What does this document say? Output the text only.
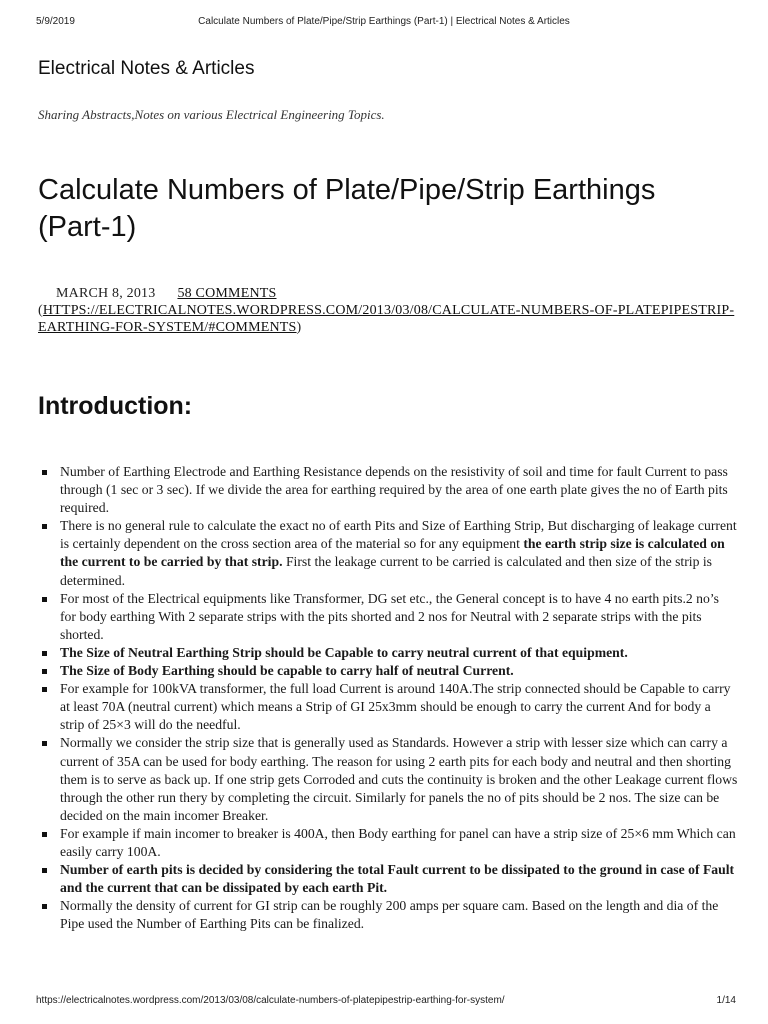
5/9/2019	Calculate Numbers of Plate/Pipe/Strip Earthings (Part-1) | Electrical Notes & Articles
Electrical Notes & Articles
Sharing Abstracts,Notes on various Electrical Engineering Topics.
Calculate Numbers of Plate/Pipe/Strip Earthings (Part-1)
MARCH 8, 2013 58 COMMENTS
(HTTPS://ELECTRICALNOTES.WORDPRESS.COM/2013/03/08/CALCULATE-NUMBERS-OF-PLATEPIPESTRIP-EARTHING-FOR-SYSTEM/#COMMENTS)
Introduction:
Number of Earthing Electrode and Earthing Resistance depends on the resistivity of soil and time for fault Current to pass through (1 sec or 3 sec). If we divide the area for earthing required by the area of one earth plate gives the no of Earth pits required.
There is no general rule to calculate the exact no of earth Pits and Size of Earthing Strip, But discharging of leakage current is certainly dependent on the cross section area of the material so for any equipment the earth strip size is calculated on the current to be carried by that strip. First the leakage current to be carried is calculated and then size of the strip is determined.
For most of the Electrical equipments like Transformer, DG set etc., the General concept is to have 4 no earth pits.2 no’s for body earthing With 2 separate strips with the pits shorted and 2 nos for Neutral with 2 separate strips with the pits shorted.
The Size of Neutral Earthing Strip should be Capable to carry neutral current of that equipment.
The Size of Body Earthing should be capable to carry half of neutral Current.
For example for 100kVA transformer, the full load Current is around 140A.The strip connected should be Capable to carry at least 70A (neutral current) which means a Strip of GI 25x3mm should be enough to carry the current And for body a strip of 25×3 will do the needful.
Normally we consider the strip size that is generally used as Standards. However a strip with lesser size which can carry a current of 35A can be used for body earthing. The reason for using 2 earth pits for each body and neutral and then shorting them is to serve as back up. If one strip gets Corroded and cuts the continuity is broken and the other Leakage current flows through the other run thery by completing the circuit. Similarly for panels the no of pits should be 2 nos. The size can be decided on the main incomer Breaker.
For example if main incomer to breaker is 400A, then Body earthing for panel can have a strip size of 25×6 mm Which can easily carry 100A.
Number of earth pits is decided by considering the total Fault current to be dissipated to the ground in case of Fault and the current that can be dissipated by each earth Pit.
Normally the density of current for GI strip can be roughly 200 amps per square cam. Based on the length and dia of the Pipe used the Number of Earthing Pits can be finalized.
https://electricalnotes.wordpress.com/2013/03/08/calculate-numbers-of-platepipestrip-earthing-for-system/	1/14
